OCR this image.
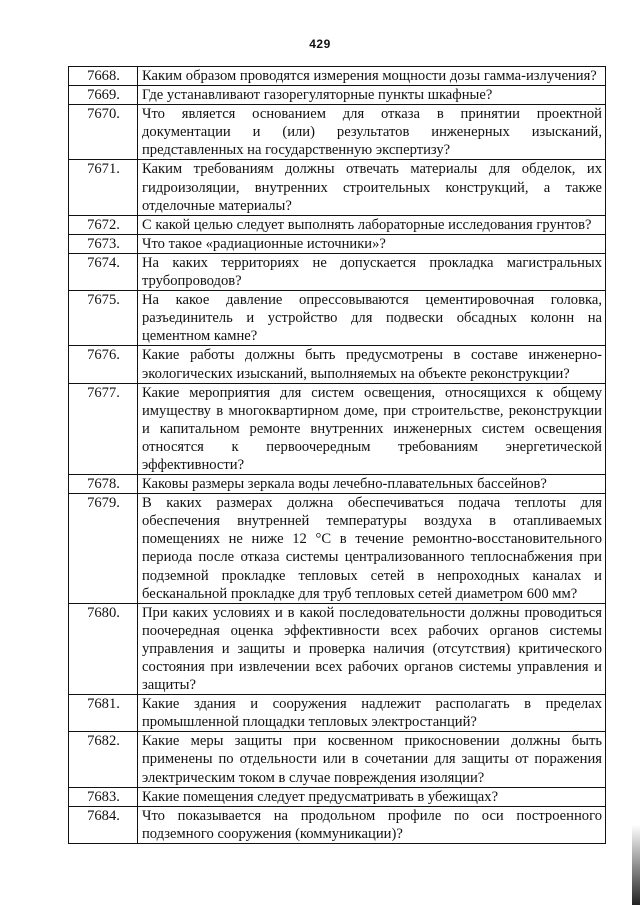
429
7668.	Каким образом проводятся измерения мощности дозы гамма-излучения?
7669.	Где устанавливают газорегуляторные пункты шкафные?
7670.	Что является основанием для отказа в принятии проектной документации и (или) результатов инженерных изысканий, представленных на государственную экспертизу?
7671.	Каким требованиям должны отвечать материалы для обделок, их гидроизоляции, внутренних строительных конструкций, а также отделочные материалы?
7672.	С какой целью следует выполнять лабораторные исследования грунтов?
7673.	Что такое «радиационные источники»?
7674.	На каких территориях не допускается прокладка магистральных трубопроводов?
7675.	На какое давление опрессовываются цементировочная головка, разъединитель и устройство для подвески обсадных колонн на цементном камне?
7676.	Какие работы должны быть предусмотрены в составе инженерно-экологических изысканий, выполняемых на объекте реконструкции?
7677.	Какие мероприятия для систем освещения, относящихся к общему имуществу в многоквартирном доме, при строительстве, реконструкции и капитальном ремонте внутренних инженерных систем освещения относятся к первоочередным требованиям энергетической эффективности?
7678.	Каковы размеры зеркала воды лечебно-плавательных бассейнов?
7679.	В каких размерах должна обеспечиваться подача теплоты для обеспечения внутренней температуры воздуха в отапливаемых помещениях не ниже 12 °С в течение ремонтно-восстановительного периода после отказа системы централизованного теплоснабжения при подземной прокладке тепловых сетей в непроходных каналах и бесканальной прокладке для труб тепловых сетей диаметром 600 мм?
7680.	При каких условиях и в какой последовательности должны проводиться поочередная оценка эффективности всех рабочих органов системы управления и защиты и проверка наличия (отсутствия) критического состояния при извлечении всех рабочих органов системы управления и защиты?
7681.	Какие здания и сооружения надлежит располагать в пределах промышленной площадки тепловых электростанций?
7682.	Какие меры защиты при косвенном прикосновении должны быть применены по отдельности или в сочетании для защиты от поражения электрическим током в случае повреждения изоляции?
7683.	Какие помещения следует предусматривать в убежищах?
7684.	Что показывается на продольном профиле по оси построенного подземного сооружения (коммуникации)?
